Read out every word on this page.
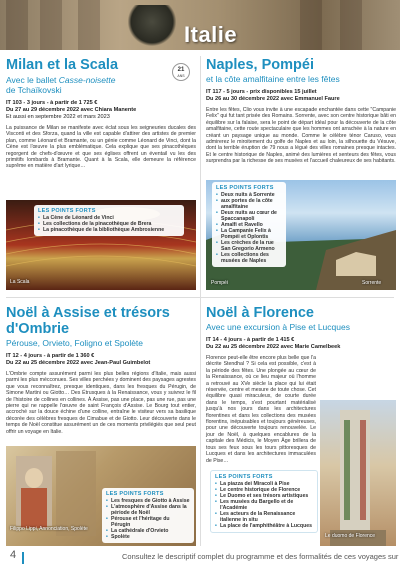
Italie
Milan et la Scala
Avec le ballet Casse-noisette
de Tchaïkovski
IT 103 - 3 jours - à partir de 1 725 €
Du 27 au 29 décembre 2022 avec Chiara Manente
Et aussi en septembre 2022 et mars 2023

La puissance de Milan se manifeste avec éclat sous les seigneuries ducales des Visconti et des Sforza, quand la ville est capable d'attirer des artistes de premier plan, comme Léonard et Bramante, ou un génie comme Léonard de Vinci, dont la Cène est l'œuvre la plus emblématique. Cela explique que ses pinacothèques regorgent de chefs-d'œuvre et que ses églises offrent un éventail vu les des primitifs lombards à Bramante. Quant à la Scala, elle demeure la référence suprême en matière d'art lyrique…

21
ANS
La Scala
LES POINTS FORTS
• La Cène de Léonard de Vinci
• Les collections de la pinacothèque de Brera
• La pinacothèque de la bibliothèque Ambrosienne
Naples, Pompéi
et la côte amalfitaine entre les fêtes
IT 117 - 5 jours - prix disponibles 15 juillet
Du 26 au 30 décembre 2022 avec Emmanuel Faure

Entre les fêtes, Clio vous invite à une escapade enchantée dans cette "Campanie Felix" qui fut tant prisée des Romains. Sorrente, avec son centre historique bâti en équilibre sur la falaise, sera le point de départ idéal pour la découverte de la côte amalfitaine, cette route spectaculaire que les hommes ont arrachée à la nature en créant un paysage unique au monde. Comme le célèbre ténor Caruso, vous admirerez le miroitement du golfe de Naples et au loin, la silhouette du Vésuve, dont la terrible éruption de 79 nous a légué des villes romaines presque intactes. Et le centre historique de Naples, animé des lumières et senteurs des fêtes, vous surprendra par la richesse de ses musées et l'accueil chaleureux de ses habitants.

Pompéi	Sorrente
LES POINTS FORTS
• Deux nuits à Sorrente
• aux portes de la côte amalfitaine
• Deux nuits au cœur de Spaccanapoli
• Amalfi et Ravello
• La Campanie Felix à Pompéi et Oplontis
• Les crèches de la rue San Gregorio Armeno
• Les collections des musées de Naples
Noël à Assise et trésors d'Ombrie
Pérouse, Orvieto, Foligno et Spolète
IT 12 - 4 jours - à partir de 1 360 €
Du 22 au 25 décembre 2022 avec Jean-Paul Guimbelot

L'Ombrie compte assurément parmi les plus belles régions d'Italie, mais aussi parmi les plus mécconues. Ses villes perchées y dominent des paysages agrestes que vous reconnaîtrez, presque identiques, dans les fresques du Pérugin, de Simone Martini ou Giotto… Des Étrusques à la Renaissance, vous y suivrez le fil de l'histoire de collines en collines. À Assise, pas une place, pas une rue, pas une pierre qui ne rappelle l'œuvre de saint François d'Assise. Le Bourg tout entier, accroché sur la douce échine d'une colline, entraîne le visiteur vers sa basilique décorée des célèbres fresques de Cimabue et de Giotto. Leur découverte dans le temps de Noël constitue assurément un de ces moments privilégiés que seul peut offrir un voyage en Italie.

Filippo Lippi, Annonciation, Spolète
LES POINTS FORTS
• Les fresques de Giotto à Assise
• L'atmosphère d'Assise dans la période de Noël
• Pérouse et l'héritage du Pérugin
• La cathédrale d'Orvieto
• Spolète
Noël à Florence
Avec une excursion à Pise et Lucques
IT 14 - 4 jours - à partir de 1 415 €
Du 22 au 25 décembre 2022 avec Marie Camelbeek

Florence peut-elle être encore plus belle que l'a décrite Stendhal ? Si cela est possible, c'est à la période des fêtes. Une plongée au cœur de la Renaissance, où ce lieu majeur où l'homme a retrouvé au XVe siècle la place qui lui était réservée, centre et mesure de toute chose. Cet équilibre quasi miraculeux, de courte durée dans le temps, s'est pourtant matérialisé jusqu'à nos jours dans les architectures florentines et dans les collections des musées florentins, inépuisables et toujours généreuses, pour une découverte toujours renouvelée. Le jour de Noël, à quelques encablures de la capitale des Médicis, le Moyen Âge brillera de tous ses feux sous les tours pittoresques de Lucques et dans les architectures immaculées de Pise…

Le duomo de Florence
LES POINTS FORTS
• La piazza dei Miracoli à Pise
• Le centre historique de Florence
• Le Duomo et ses trésors artistiques
• Les musées du Bargello et de l'Académie
• Les acteurs de la Renaissance italienne in situ
• La place de l'amphithéâtre à Lucques
4	Consultez le descriptif complet du programme et des formalités de ces voyages sur
